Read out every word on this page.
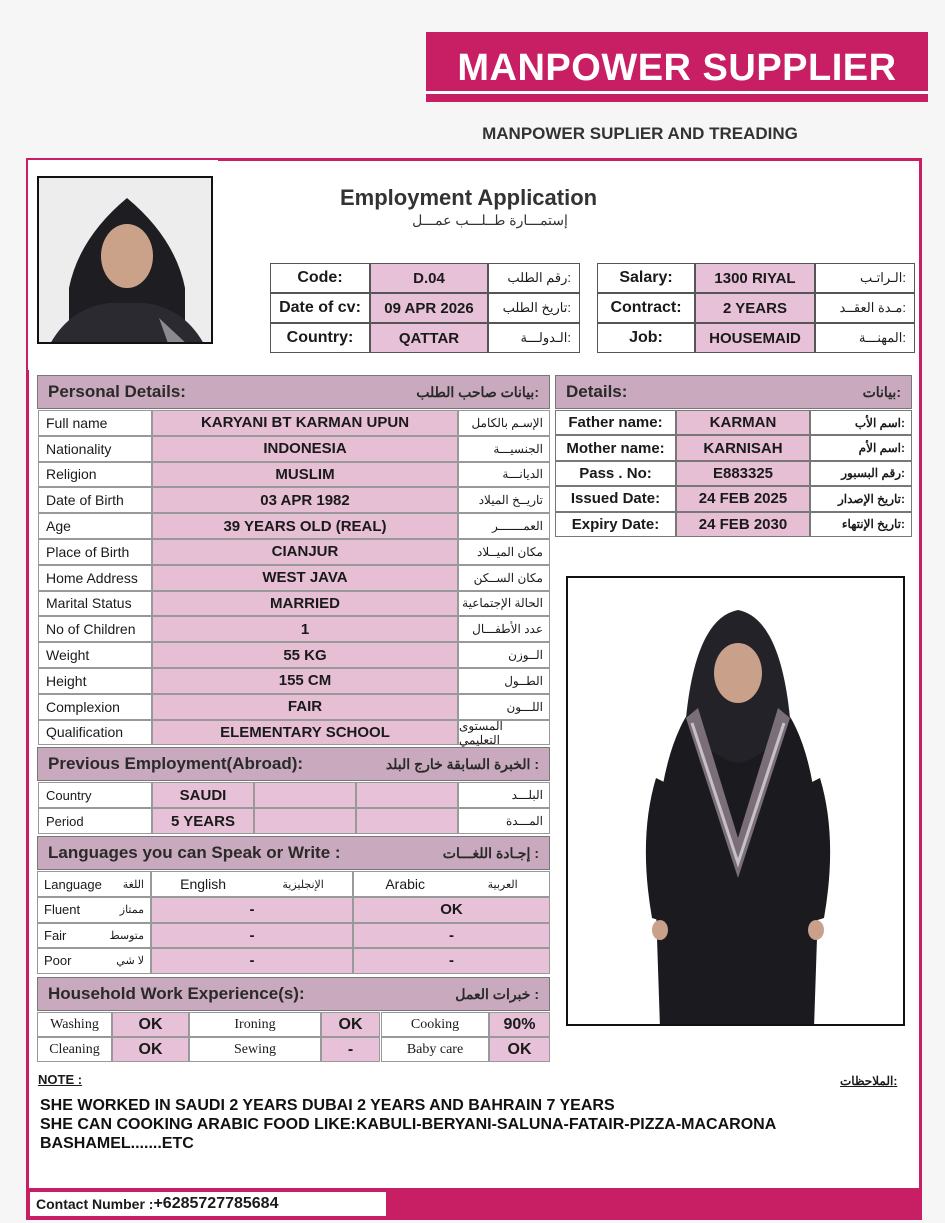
MANPOWER SUPPLIER
MANPOWER SUPLIER AND TREADING
Employment Application
إستمـــارة طــلـــب عمـــل
Code:	D.04	رقم الطلب:
Date of cv:	09 APR 2026	تاريخ الطلب:
Country:	QATTAR	الـدولـــة:
Salary:	1300 RIYAL	الـراتـب:
Contract:	2 YEARS	مـدة العقــد:
Job:	HOUSEMAID	المهنـــة:
Personal Details:	بيانات صاحب الطلب: Details:	بيانات:
Full name	KARYANI BT KARMAN UPUN	الإسـم بالكامل
Nationality	INDONESIA	الجنسيـــة
Religion	MUSLIM	الديانـــة
Date of Birth	03 APR 1982	تاريــخ الميلاد
Age	39 YEARS OLD (REAL)	العمـــــــر
Place of Birth	CIANJUR	مكان الميــلاد
Home Address	WEST JAVA	مكان الســكن
Marital Status	MARRIED	الحالة الإجتماعية
No of Children	1	عدد الأطفـــال
Weight	55 KG	الــوزن
Height	155 CM	الطــول
Complexion	FAIR	اللـــون
Qualification	ELEMENTARY SCHOOL	المستوى التعليمي
Father name:	KARMAN	اسم الأب:
Mother name:	KARNISAH	اسم الأم:
Pass . No:	E883325	رقم البسبور:
Issued Date:	24 FEB 2025	تاريخ الإصدار:
Expiry Date:	24 FEB 2030	تاريخ الإنتهاء:
Previous Employment(Abroad):	الخبرة السابقة خارج البلد :
Country	SAUDI	البلـــد
Period	5 YEARS	المـــدة
Languages you can Speak or Write :	إجـادة اللغـــات :
Language اللغة	English	الإنجليزية	Arabic	العربية
Fluent	ممتاز	-	OK
Fair	متوسط	-	-
Poor	لا شي	-	-
Household Work Experience(s):	خبرات العمل :
Washing	OK	Ironing	OK	Cooking	90%
Cleaning	OK	Sewing	-	Baby care	OK
NOTE :	الملاحظات:
SHE WORKED IN SAUDI 2 YEARS DUBAI 2 YEARS AND BAHRAIN 7 YEARS
SHE CAN COOKING ARABIC FOOD LIKE:KABULI-BERYANI-SALUNA-FATAIR-PIZZA-MACARONA
BASHAMEL.......ETC
Contact Number : +6285727785684
